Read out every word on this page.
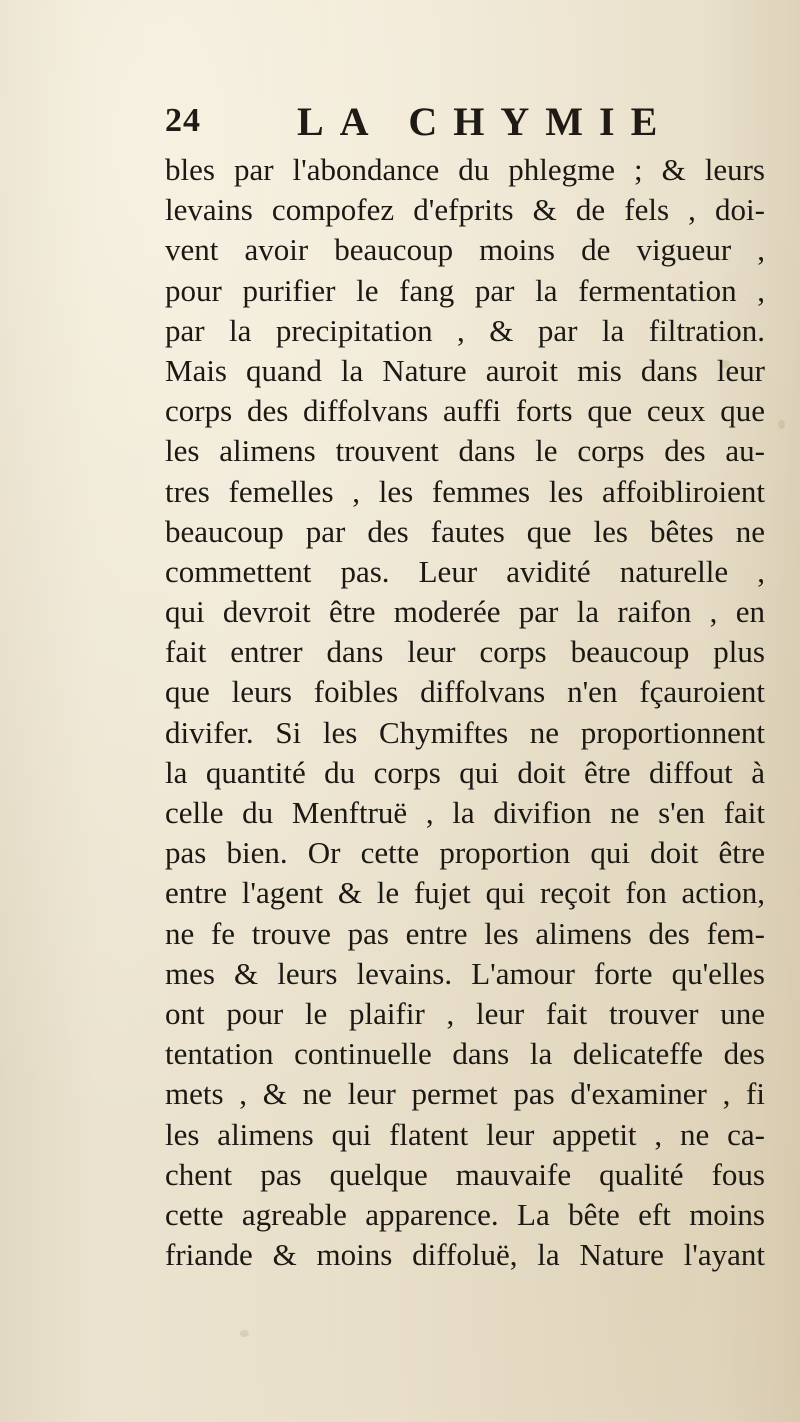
24 LA CHYMIE
bles par l'abondance du phlegme ; & leurs
levains compofez d'efprits & de fels , doi-
vent avoir beaucoup moins de vigueur ,
pour purifier le fang par la fermentation ,
par la precipitation , & par la filtration.
Mais quand la Nature auroit mis dans leur
corps des diffolvans auffi forts que ceux que
les alimens trouvent dans le corps des au-
tres femelles , les femmes les affoibliroient
beaucoup par des fautes que les bêtes ne
commettent pas. Leur avidité naturelle ,
qui devroit être moderée par la raifon , en
fait entrer dans leur corps beaucoup plus
que leurs foibles diffolvans n'en fçauroient
divifer. Si les Chymiftes ne proportionnent
la quantité du corps qui doit être diffout à
celle du Menftruë , la divifion ne s'en fait
pas bien. Or cette proportion qui doit être
entre l'agent & le fujet qui reçoit fon action,
ne fe trouve pas entre les alimens des fem-
mes & leurs levains. L'amour forte qu'elles
ont pour le plaifir , leur fait trouver une
tentation continuelle dans la delicateffe des
mets , & ne leur permet pas d'examiner , fi
les alimens qui flatent leur appetit , ne ca-
chent pas quelque mauvaife qualité fous
cette agreable apparence. La bête eft moins
friande & moins diffoluë, la Nature l'ayant
